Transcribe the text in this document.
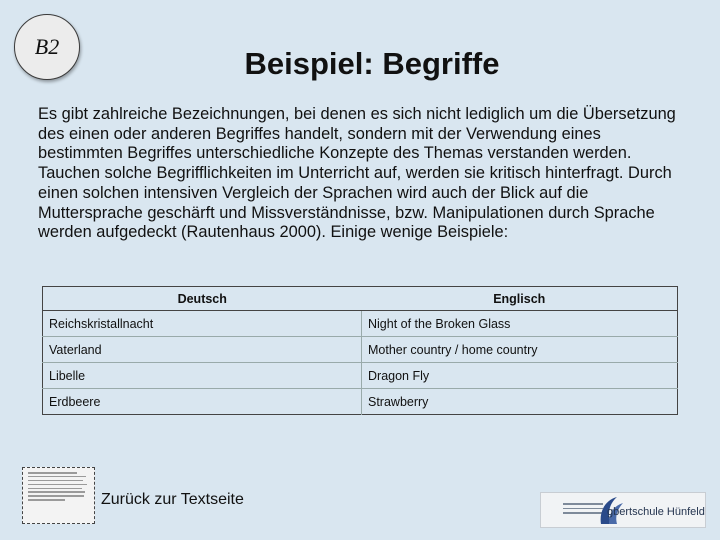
B2	Beispiel: Begriffe

Es gibt zahlreiche Bezeichnungen, bei denen es sich nicht lediglich um die Übersetzung des einen oder anderen Begriffes handelt, sondern mit der Verwendung eines bestimmten Begriffes unterschiedliche Konzepte des Themas verstanden werden. Tauchen solche Begrifflichkeiten im Unterricht auf, werden sie kritisch hinterfragt. Durch einen solchen intensiven Vergleich der Sprachen wird auch der Blick auf die Muttersprache geschärft und Missverständnisse, bzw. Manipulationen durch Sprache werden aufgedeckt (Rautenhaus 2000). Einige wenige Beispiele:

Deutsch	Englisch
Reichskristallnacht	Night of the Broken Glass
Vaterland	Mother country / home country
Libelle	Dragon Fly
Erdbeere	Strawberry
Zurück zur Textseite
gbertschule Hünfeld
